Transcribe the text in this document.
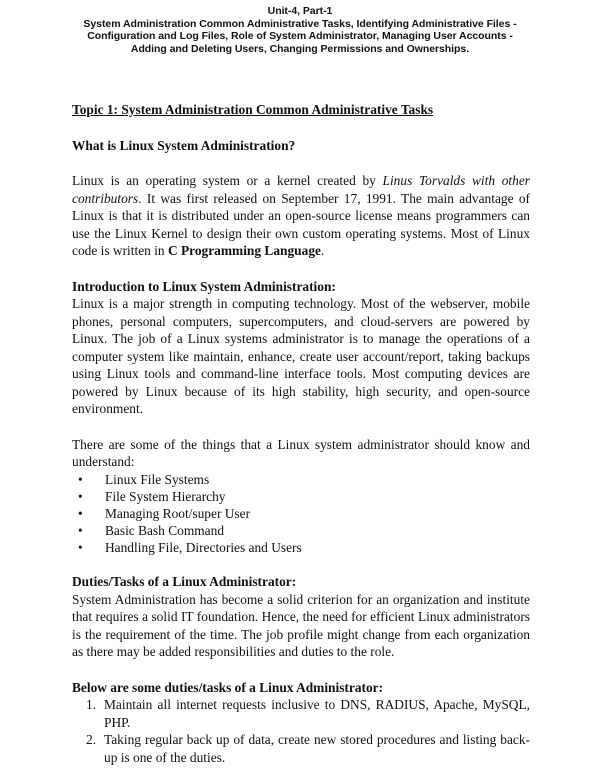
Unit-4, Part-1
System Administration Common Administrative Tasks, Identifying Administrative Files -
Configuration and Log Files, Role of System Administrator, Managing User Accounts -
Adding and Deleting Users, Changing Permissions and Ownerships.

Topic 1: System Administration Common Administrative Tasks

What is Linux System Administration?

Linux is an operating system or a kernel created by Linus Torvalds with other contributors. It was first released on September 17, 1991. The main advantage of Linux is that it is distributed under an open-source license means programmers can use the Linux Kernel to design their own custom operating systems. Most of Linux code is written in C Programming Language.

Introduction to Linux System Administration:

Linux is a major strength in computing technology. Most of the webserver, mobile phones, personal computers, supercomputers, and cloud-servers are powered by Linux. The job of a Linux systems administrator is to manage the operations of a computer system like maintain, enhance, create user account/report, taking backups using Linux tools and command-line interface tools. Most computing devices are powered by Linux because of its high stability, high security, and open-source environment.

There are some of the things that a Linux system administrator should know and understand:

• Linux File Systems
• File System Hierarchy
• Managing Root/super User
• Basic Bash Command
• Handling File, Directories and Users

Duties/Tasks of a Linux Administrator:

System Administration has become a solid criterion for an organization and institute that requires a solid IT foundation. Hence, the need for efficient Linux administrators is the requirement of the time. The job profile might change from each organization as there may be added responsibilities and duties to the role.

Below are some duties/tasks of a Linux Administrator:

1. Maintain all internet requests inclusive to DNS, RADIUS, Apache, MySQL, PHP.
2. Taking regular back up of data, create new stored procedures and listing back-up is one of the duties.
